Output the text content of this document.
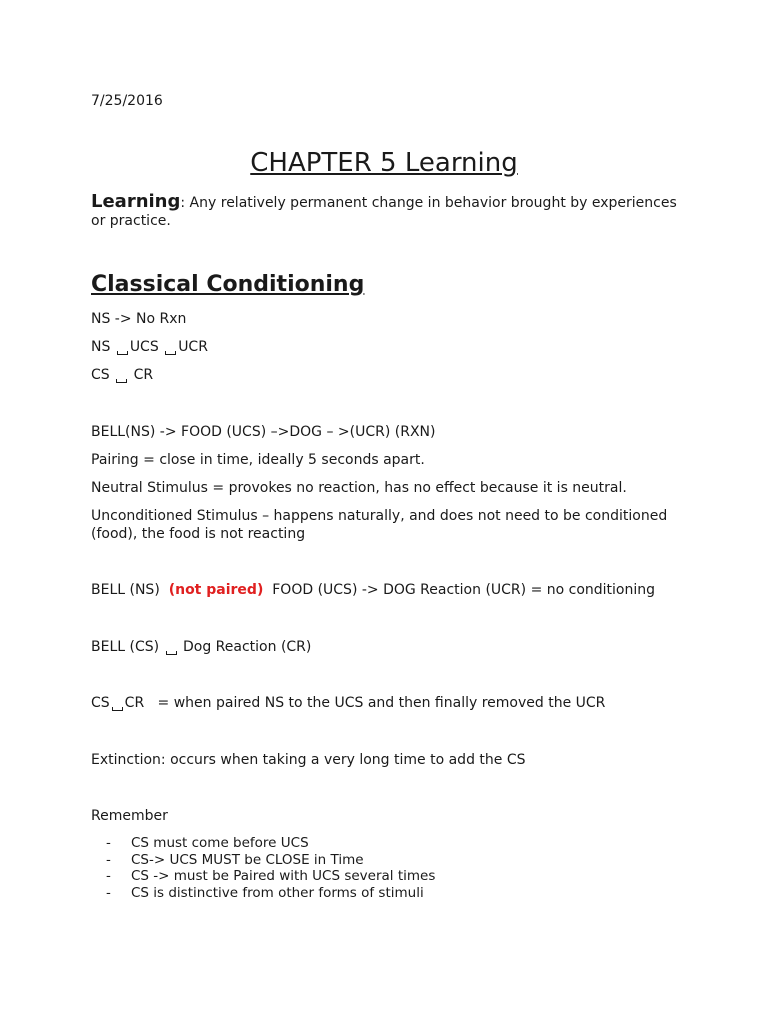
7/25/2016
CHAPTER 5 Learning
Learning: Any relatively permanent change in behavior brought by experiences or practice.
Classical Conditioning
NS -> No Rxn
NS UCS UCR
CS CR
BELL(NS) -> FOOD (UCS) –>DOG – >(UCR) (RXN)
Pairing = close in time, ideally 5 seconds apart.
Neutral Stimulus = provokes no reaction, has no effect because it is neutral.
Unconditioned Stimulus – happens naturally, and does not need to be conditioned (food), the food is not reacting
BELL (NS) (not paired) FOOD (UCS) -> DOG Reaction (UCR) = no conditioning
BELL (CS) Dog Reaction (CR)
CS CR = when paired NS to the UCS and then finally removed the UCR
Extinction: occurs when taking a very long time to add the CS
Remember
- CS must come before UCS
- CS-> UCS MUST be CLOSE in Time
- CS -> must be Paired with UCS several times
- CS is distinctive from other forms of stimuli
